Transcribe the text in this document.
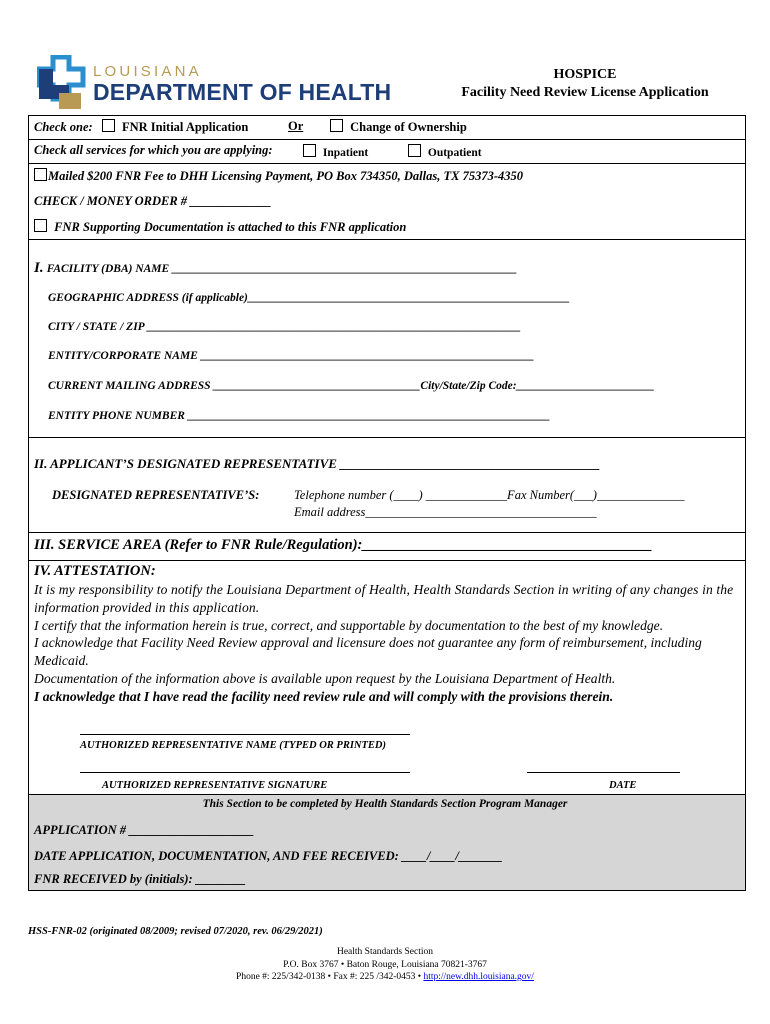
LOUISIANA
DEPARTMENT OF HEALTH
HOSPICE
Facility Need Review License Application
Check one: FNR Initial Application	Or	Change of Ownership
Check all services for which you are applying:	Inpatient	Outpatient
Mailed $200 FNR Fee to DHH Licensing Payment, PO Box 734350, Dallas, TX 75373-4350
CHECK / MONEY ORDER # _____________
FNR Supporting Documentation is attached to this FNR application
I. FACILITY (DBA) NAME ____________________________________________________________
GEOGRAPHIC ADDRESS (if applicable)________________________________________________________
CITY / STATE / ZIP _________________________________________________________________
ENTITY/CORPORATE NAME __________________________________________________________
CURRENT MAILING ADDRESS ____________________________________City/State/Zip Code:________________________
ENTITY PHONE NUMBER _______________________________________________________________
II. APPLICANT’S DESIGNATED REPRESENTATIVE ________________________________________
DESIGNATED REPRESENTATIVE’S:	Telephone number (____) _____________Fax Number(___)______________
Email address_____________________________________
III. SERVICE AREA (Refer to FNR Rule/Regulation):________________________________________
IV. ATTESTATION:
It is my responsibility to notify the Louisiana Department of Health, Health Standards Section in writing of any changes in the information provided in this application.
I certify that the information herein is true, correct, and supportable by documentation to the best of my knowledge.
I acknowledge that Facility Need Review approval and licensure does not guarantee any form of reimbursement, including Medicaid.
Documentation of the information above is available upon request by the Louisiana Department of Health.
I acknowledge that I have read the facility need review rule and will comply with the provisions therein.
AUTHORIZED REPRESENTATIVE NAME (TYPED OR PRINTED)
AUTHORIZED REPRESENTATIVE SIGNATURE	DATE
This Section to be completed by Health Standards Section Program Manager
APPLICATION # ____________________
DATE APPLICATION, DOCUMENTATION, AND FEE RECEIVED: ____/____/_______
FNR RECEIVED by (initials): ________
HSS-FNR-02 (originated 08/2009; revised 07/2020, rev. 06/29/2021)
Health Standards Section
P.O. Box 3767 • Baton Rouge, Louisiana 70821-3767
Phone #: 225/342-0138 • Fax #: 225 /342-0453 • http://new.dhh.louisiana.gov/
